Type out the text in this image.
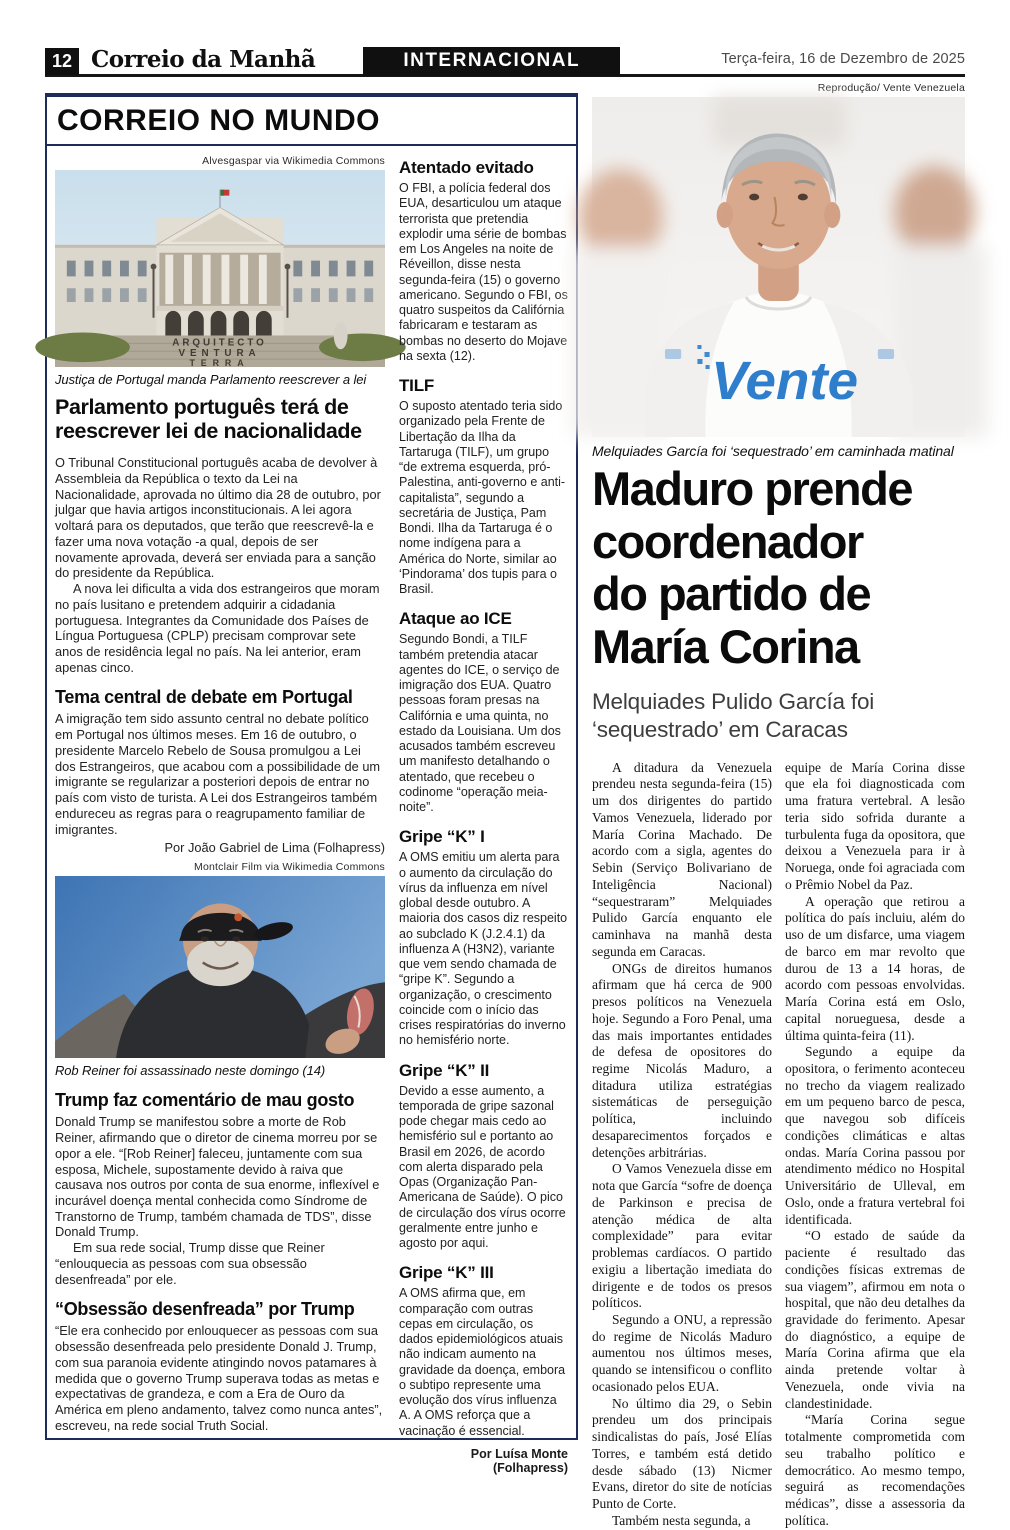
12 Correio da Manhã	INTERNACIONAL	Terça-feira, 16 de Dezembro de 2025
CORREIO NO MUNDO
Alvesgaspar via Wikimedia Commons
ARQUITECTO
VENTURA
TERRA
Justiça de Portugal manda Parlamento reescrever a lei
Parlamento português terá de
reescrever lei de nacionalidade

O Tribunal Constitucional português acaba de devolver à Assembleia da República o texto da Lei na Nacionalidade, aprovada no último dia 28 de outubro, por julgar que havia artigos inconstitucionais. A lei agora voltará para os deputados, que terão que reescrevê-la e fazer uma nova votação -a qual, depois de ser novamente aprovada, deverá ser enviada para a sanção do presidente da República.

A nova lei dificulta a vida dos estrangeiros que moram no país lusitano e pretendem adquirir a cidadania portuguesa. Integrantes da Comunidade dos Países de Língua Portuguesa (CPLP) precisam comprovar sete anos de residência legal no país. Na lei anterior, eram apenas cinco.

Tema central de debate em Portugal

A imigração tem sido assunto central no debate político em Portugal nos últimos meses. Em 16 de outubro, o presidente Marcelo Rebelo de Sousa promulgou a Lei dos Estrangeiros, que acabou com a possibilidade de um imigrante se regularizar a posteriori depois de entrar no país com visto de turista. A Lei dos Estrangeiros também endureceu as regras para o reagrupamento familiar de imigrantes.

Por João Gabriel de Lima (Folhapress)
Montclair Film via Wikimedia Commons
Rob Reiner foi assassinado neste domingo (14)
Trump faz comentário de mau gosto

Donald Trump se manifestou sobre a morte de Rob Reiner, afirmando que o diretor de cinema morreu por se opor a ele. “[Rob Reiner] faleceu, juntamente com sua esposa, Michele, supostamente devido à raiva que causava nos outros por conta de sua enorme, inflexível e incurável doença mental conhecida como Síndrome de Transtorno de Trump, também chamada de TDS”, disse Donald Trump.

Em sua rede social, Trump disse que Reiner “enlouquecia as pessoas com sua obsessão desenfreada” por ele.

“Obsessão desenfreada” por Trump

“Ele era conhecido por enlouquecer as pessoas com sua obsessão desenfreada pelo presidente Donald J. Trump, com sua paranoia evidente atingindo novos patamares à medida que o governo Trump superava todas as metas e expectativas de grandeza, e com a Era de Ouro da América em pleno andamento, talvez como nunca antes”, escreveu, na rede social Truth Social.

Atentado evitado

O FBI, a polícia federal dos EUA, desarticulou um ataque terrorista que pretendia explodir uma série de bombas em Los Angeles na noite de Réveillon, disse nesta segunda-feira (15) o governo americano. Segundo o FBI, os quatro suspeitos da Califórnia fabricaram e testaram as bombas no deserto do Mojave na sexta (12).

TILF

O suposto atentado teria sido organizado pela Frente de Libertação da Ilha da Tartaruga (TILF), um grupo “de extrema esquerda, pró-Palestina, anti-governo e anti-capitalista”, segundo a secretária de Justiça, Pam Bondi. Ilha da Tartaruga é o nome indígena para a América do Norte, similar ao ‘Pindorama’ dos tupis para o Brasil.

Ataque ao ICE

Segundo Bondi, a TILF também pretendia atacar agentes do ICE, o serviço de imigração dos EUA. Quatro pessoas foram presas na Califórnia e uma quinta, no estado da Louisiana. Um dos acusados também escreveu um manifesto detalhando o atentado, que recebeu o codinome “operação meia-noite”.

Gripe “K” I

A OMS emitiu um alerta para o aumento da circulação do vírus da influenza em nível global desde outubro. A maioria dos casos diz respeito ao subclado K (J.2.4.1) da influenza A (H3N2), variante que vem sendo chamada de “gripe K”. Segundo a organização, o crescimento coincide com o início das crises respiratórias do inverno no hemisfério norte.

Gripe “K” II

Devido a esse aumento, a temporada de gripe sazonal pode chegar mais cedo ao hemisfério sul e portanto ao Brasil em 2026, de acordo com alerta disparado pela Opas (Organização Pan-Americana de Saúde). O pico de circulação dos vírus ocorre geralmente entre junho e agosto por aqui.

Gripe “K” III

A OMS afirma que, em comparação com outras cepas em circulação, os dados epidemiológicos atuais não indicam aumento na gravidade da doença, embora o subtipo represente uma evolução dos vírus influenza A. A OMS reforça que a vacinação é essencial.

Por Luísa Monte (Folhapress)
Reprodução/ Vente Venezuela
Vente
Melquiades García foi ‘sequestrado’ em caminhada matinal
Maduro prende
coordenador
do partido de
María Corina
Melquiades Pulido García foi
‘sequestrado’ em Caracas

A ditadura da Venezuela prendeu nesta segunda-feira (15) um dos dirigentes do partido Vamos Venezuela, liderado por María Corina Machado. De acordo com a sigla, agentes do Sebin (Serviço Bolivariano de Inteligência Nacional) “sequestraram” Melquiades Pulido García enquanto ele caminhava na manhã desta segunda em Caracas.

ONGs de direitos humanos afirmam que há cerca de 900 presos políticos na Venezuela hoje. Segundo a Foro Penal, uma das mais importantes entidades de defesa de opositores do regime Nicolás Maduro, a ditadura utiliza estratégias sistemáticas de perseguição política, incluindo desaparecimentos forçados e detenções arbitrárias.

O Vamos Venezuela disse em nota que García “sofre de doença de Parkinson e precisa de atenção médica de alta complexidade” para evitar problemas cardíacos. O partido exigiu a libertação imediata do dirigente e de todos os presos políticos.

Segundo a ONU, a repressão do regime de Nicolás Maduro aumentou nos últimos meses, quando se intensificou o conflito ocasionado pelos EUA.

No último dia 29, o Sebin prendeu um dos principais sindicalistas do país, José Elías Torres, e também está detido desde sábado (13) Nicmer Evans, diretor do site de notícias Punto de Corte.

Também nesta segunda, a

equipe de María Corina disse que ela foi diagnosticada com uma fratura vertebral. A lesão teria sido sofrida durante a turbulenta fuga da opositora, que deixou a Venezuela para ir à Noruega, onde foi agraciada com o Prêmio Nobel da Paz.

A operação que retirou a política do país incluiu, além do uso de um disfarce, uma viagem de barco em mar revolto que durou de 13 a 14 horas, de acordo com pessoas envolvidas. María Corina está em Oslo, capital norueguesa, desde a última quinta-feira (11).

Segundo a equipe da opositora, o ferimento aconteceu no trecho da viagem realizado em um pequeno barco de pesca, que navegou sob difíceis condições climáticas e altas ondas. María Corina passou por atendimento médico no Hospital Universitário de Ulleval, em Oslo, onde a fratura vertebral foi identificada.

“O estado de saúde da paciente é resultado das condições físicas extremas de sua viagem”, afirmou em nota o hospital, que não deu detalhes da gravidade do ferimento. Apesar do diagnóstico, a equipe de María Corina afirma que ela ainda pretende voltar à Venezuela, onde vivia na clandestinidade.

“María Corina segue totalmente comprometida com seu trabalho político e democrático. Ao mesmo tempo, seguirá as recomendações médicas”, disse a assessoria da política.
